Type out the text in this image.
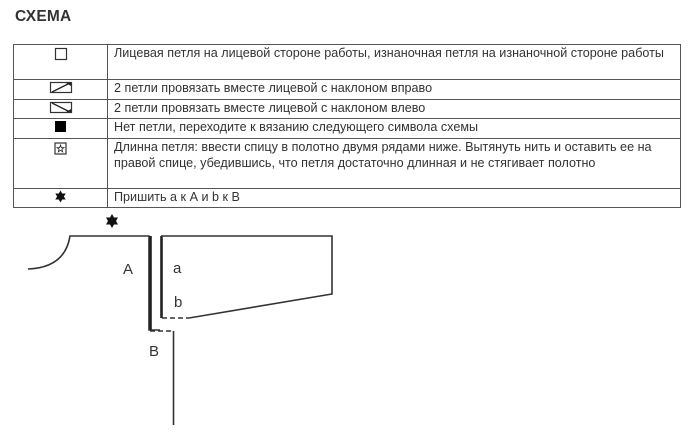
СХЕМА
	Лицевая петля на лицевой стороне работы, изнаночная петля на изнаночной стороне работы
	2 петли провязать вместе лицевой с наклоном вправо
	2 петли провязать вместе лицевой с наклоном влево
	Нет петли, переходите к вязанию следующего символа схемы
	Длинна петля: ввести спицу в полотно двумя рядами ниже. Вытянуть нить и оставить ее на правой спице, убедившись, что петля достаточно длинная и не стягивает полотно
	Пришить а к А и b к В
A	a
b
B
